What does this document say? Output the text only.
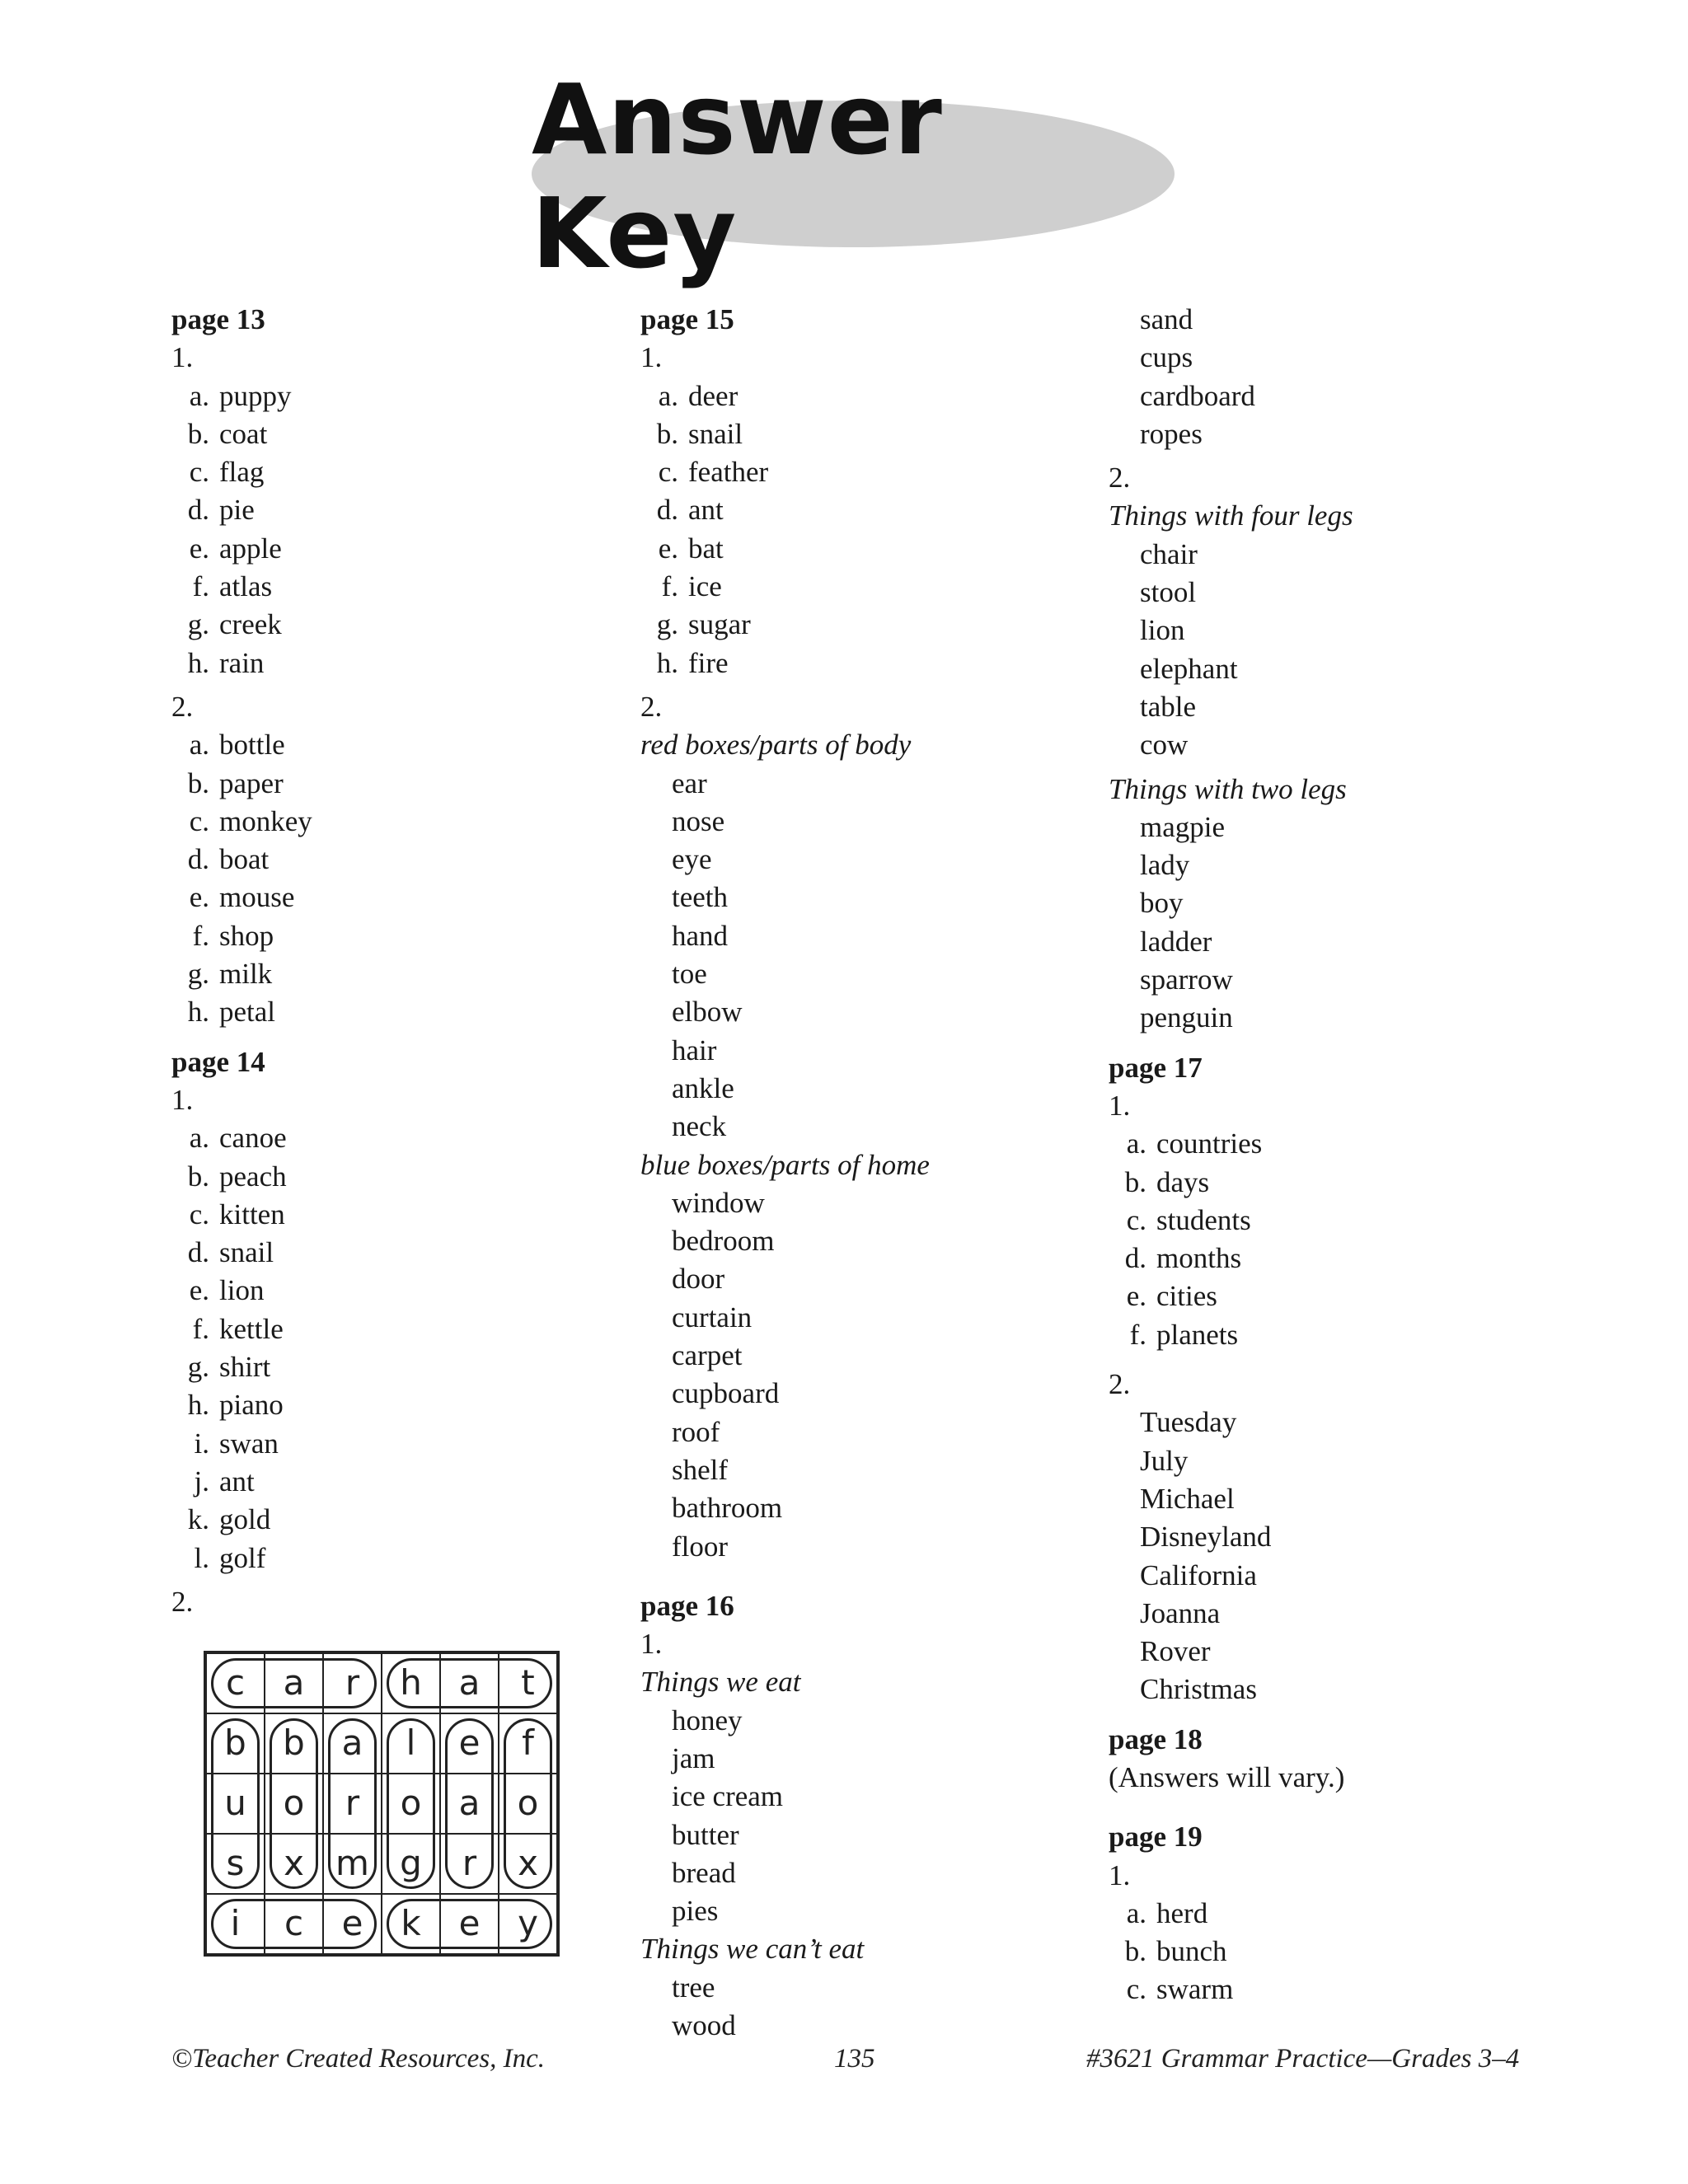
Answer Key
page 13
1.
a. puppy
b. coat
c. flag
d. pie
e. apple
f. atlas
g. creek
h. rain
2.
a. bottle
b. paper
c. monkey
d. boat
e. mouse
f. shop
g. milk
h. petal
page 14
1.
a. canoe
b. peach
c. kitten
d. snail
e. lion
f. kettle
g. shirt
h. piano
i. swan
j. ant
k. gold
l. golf
2.
c	a	r	h	a	t
b	b	a	l	e	f
u	o	r	o	a	o
s	x m g	r	x
i	c	e	k	e	y
page 15
1.
a. deer
b. snail
c. feather
d. ant
e. bat
f. ice
g. sugar
h. fire
2.
red boxes/parts of body
ear
nose
eye
teeth
hand
toe
elbow
hair
ankle
neck
blue boxes/parts of home
window
bedroom
door
curtain
carpet
cupboard
roof
shelf
bathroom
floor
page 16
1.
Things we eat
honey
jam
ice cream
butter
bread
pies
Things we can’t eat
tree
wood
sand
cups
cardboard
ropes
2.
Things with four legs
chair
stool
lion
elephant
table
cow
Things with two legs
magpie
lady
boy
ladder
sparrow
penguin
page 17
1.
a. countries
b. days
c. students
d. months
e. cities
f. planets
2.
Tuesday
July
Michael
Disneyland
California
Joanna
Rover
Christmas
page 18
(Answers will vary.)
page 19
1.
a. herd
b. bunch
c. swarm
©Teacher Created Resources, Inc.	135	#3621 Grammar Practice—Grades 3–4
